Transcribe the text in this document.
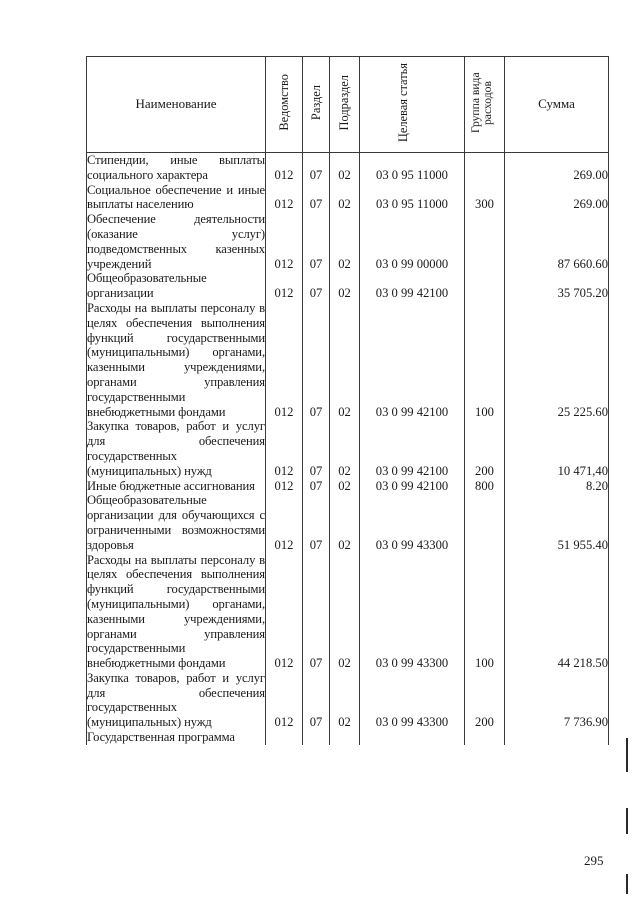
Наименование	Ведомство	Раздел	Подраздел	Целевая статья	Группа вида расходов	Сумма
Стипендии, иные выплаты социального характера	012	07	02	03 0 95 11000		269.00
Социальное обеспечение и иные выплаты населению	012	07	02	03 0 95 11000	300	269.00
Обеспечение деятельности (оказание услуг) подведомственных казенных учреждений	012	07	02	03 0 99 00000		87 660.60
Общеобразовательные организации	012	07	02	03 0 99 42100		35 705.20
Расходы на выплаты персоналу в целях обеспечения выполнения функций государственными (муниципальными) органами, казенными учреждениями, органами управления государственными внебюджетными фондами	012	07	02	03 0 99 42100	100	25 225.60
Закупка товаров, работ и услуг для обеспечения государственных (муниципальных) нужд	012	07	02	03 0 99 42100	200	10 471,40
Иные бюджетные ассигнования	012	07	02	03 0 99 42100	800	8.20
Общеобразовательные организации для обучающихся с ограниченными возможностями здоровья	012	07	02	03 0 99 43300		51 955.40
Расходы на выплаты персоналу в целях обеспечения выполнения функций государственными (муниципальными) органами, казенными учреждениями, органами управления государственными внебюджетными фондами	012	07	02	03 0 99 43300	100	44 218.50
Закупка товаров, работ и услуг для обеспечения государственных (муниципальных) нужд	012	07	02	03 0 99 43300	200	7 736.90
Государственная программа						
295
